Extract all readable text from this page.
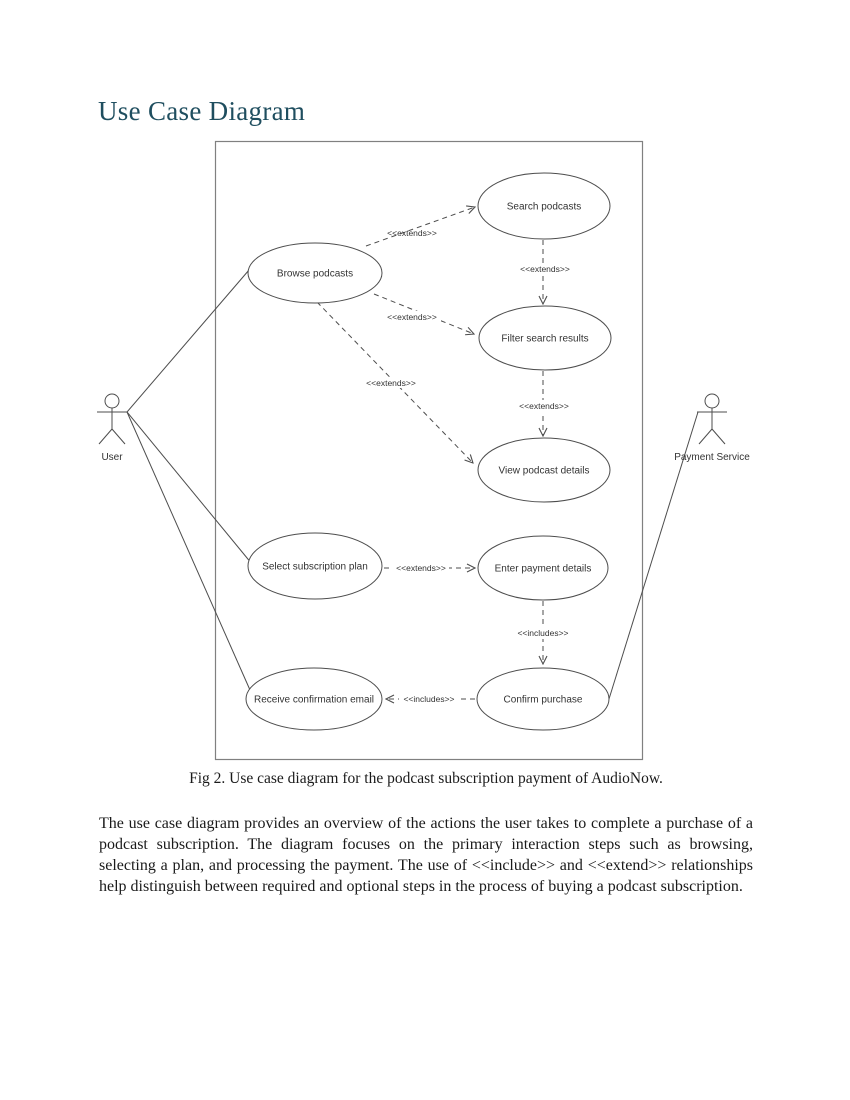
Use Case Diagram
<<extends>>
<<extends>>
<<extends>>
<<extends>>
<<extends>>
<<extends>>
<<includes>>
<<includes>>
Search podcasts
Browse podcasts
Filter search results
View podcast details
Select subscription plan	Enter payment details
Receive confirmation email	Confirm purchase
User	Payment Service
Fig 2. Use case diagram for the podcast subscription payment of AudioNow.

The use case diagram provides an overview of the actions the user takes to complete a purchase of a podcast subscription. The diagram focuses on the primary interaction steps such as browsing, selecting a plan, and processing the payment. The use of <<include>> and <<extend>> relationships help distinguish between required and optional steps in the process of buying a podcast subscription.
